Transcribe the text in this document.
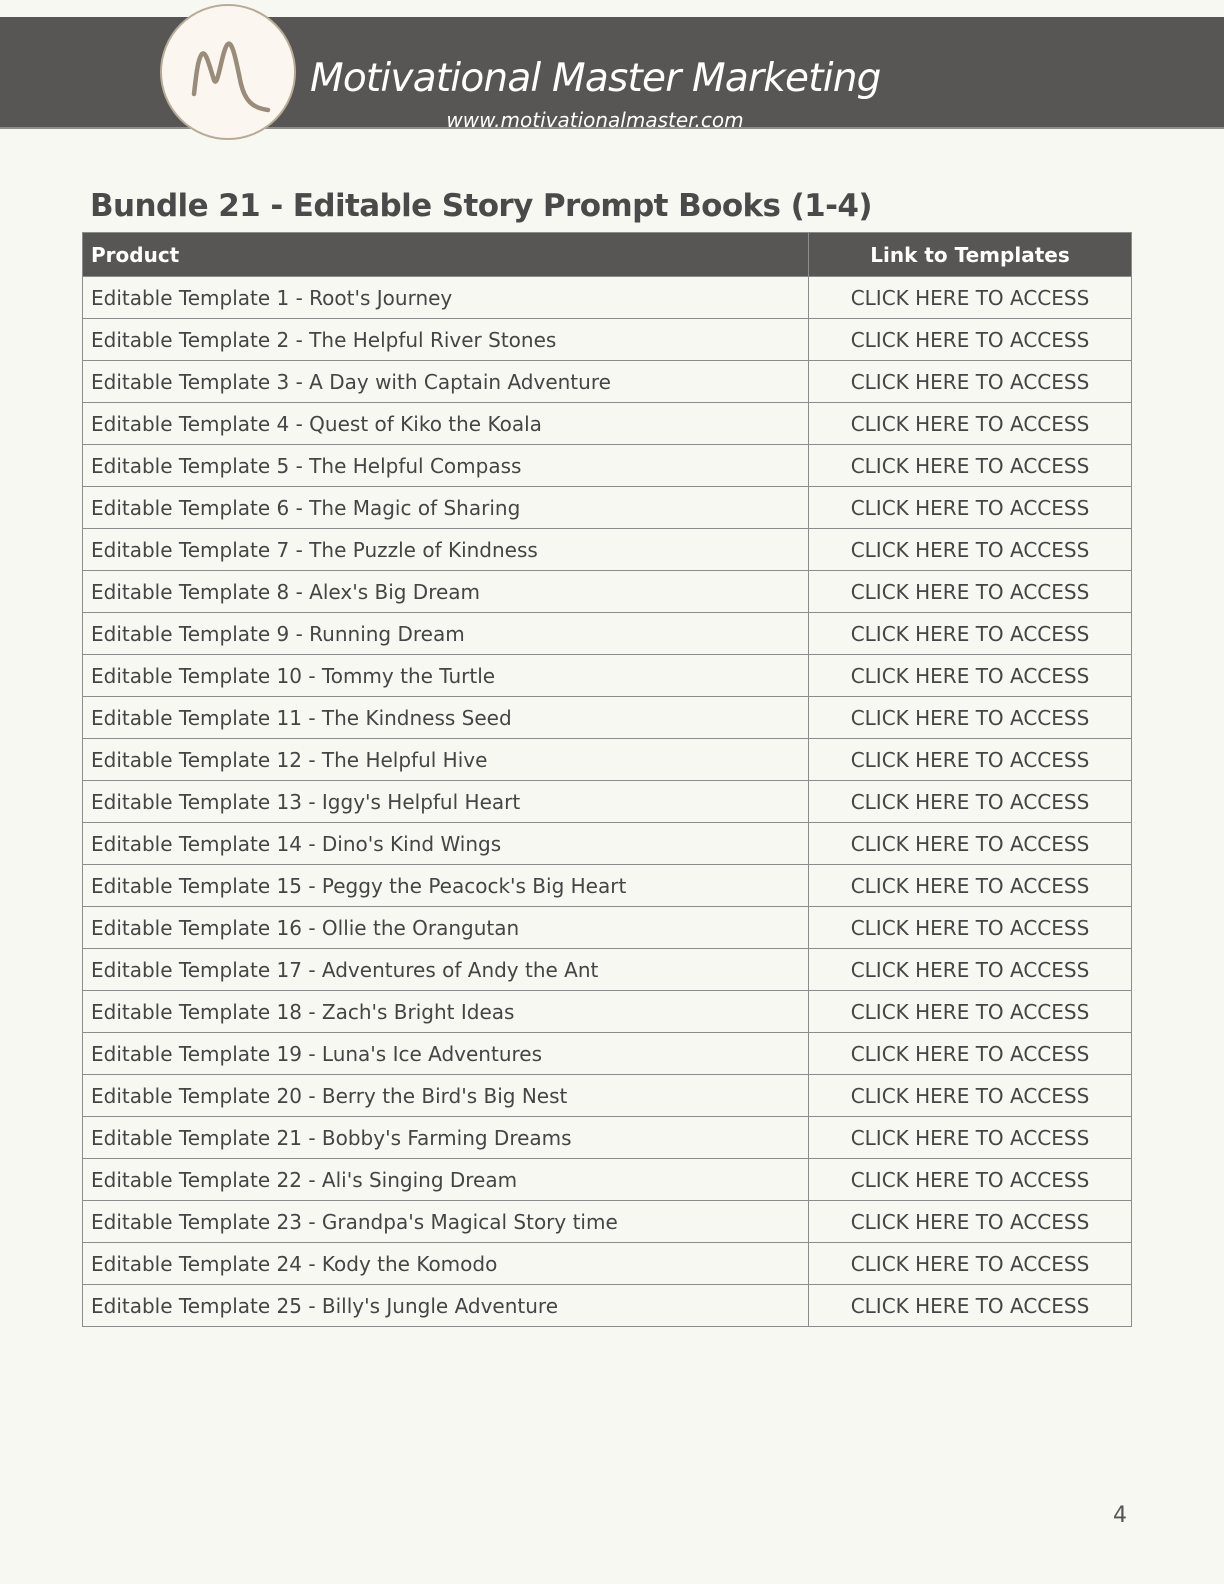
Motivational Master Marketing
www.motivationalmaster.com
Bundle 21 - Editable Story Prompt Books (1-4)
Product	Link to Templates
Editable Template 1 - Root's Journey	CLICK HERE TO ACCESS
Editable Template 2 - The Helpful River Stones	CLICK HERE TO ACCESS
Editable Template 3 - A Day with Captain Adventure	CLICK HERE TO ACCESS
Editable Template 4 - Quest of Kiko the Koala	CLICK HERE TO ACCESS
Editable Template 5 - The Helpful Compass	CLICK HERE TO ACCESS
Editable Template 6 - The Magic of Sharing	CLICK HERE TO ACCESS
Editable Template 7 - The Puzzle of Kindness	CLICK HERE TO ACCESS
Editable Template 8 - Alex's Big Dream	CLICK HERE TO ACCESS
Editable Template 9 - Running Dream	CLICK HERE TO ACCESS
Editable Template 10 - Tommy the Turtle	CLICK HERE TO ACCESS
Editable Template 11 - The Kindness Seed	CLICK HERE TO ACCESS
Editable Template 12 - The Helpful Hive	CLICK HERE TO ACCESS
Editable Template 13 - Iggy's Helpful Heart	CLICK HERE TO ACCESS
Editable Template 14 - Dino's Kind Wings	CLICK HERE TO ACCESS
Editable Template 15 - Peggy the Peacock's Big Heart	CLICK HERE TO ACCESS
Editable Template 16 - Ollie the Orangutan	CLICK HERE TO ACCESS
Editable Template 17 - Adventures of Andy the Ant	CLICK HERE TO ACCESS
Editable Template 18 - Zach's Bright Ideas	CLICK HERE TO ACCESS
Editable Template 19 - Luna's Ice Adventures	CLICK HERE TO ACCESS
Editable Template 20 - Berry the Bird's Big Nest	CLICK HERE TO ACCESS
Editable Template 21 - Bobby's Farming Dreams	CLICK HERE TO ACCESS
Editable Template 22 - Ali's Singing Dream	CLICK HERE TO ACCESS
Editable Template 23 - Grandpa's Magical Story time	CLICK HERE TO ACCESS
Editable Template 24 - Kody the Komodo	CLICK HERE TO ACCESS
Editable Template 25 - Billy's Jungle Adventure	CLICK HERE TO ACCESS
4
